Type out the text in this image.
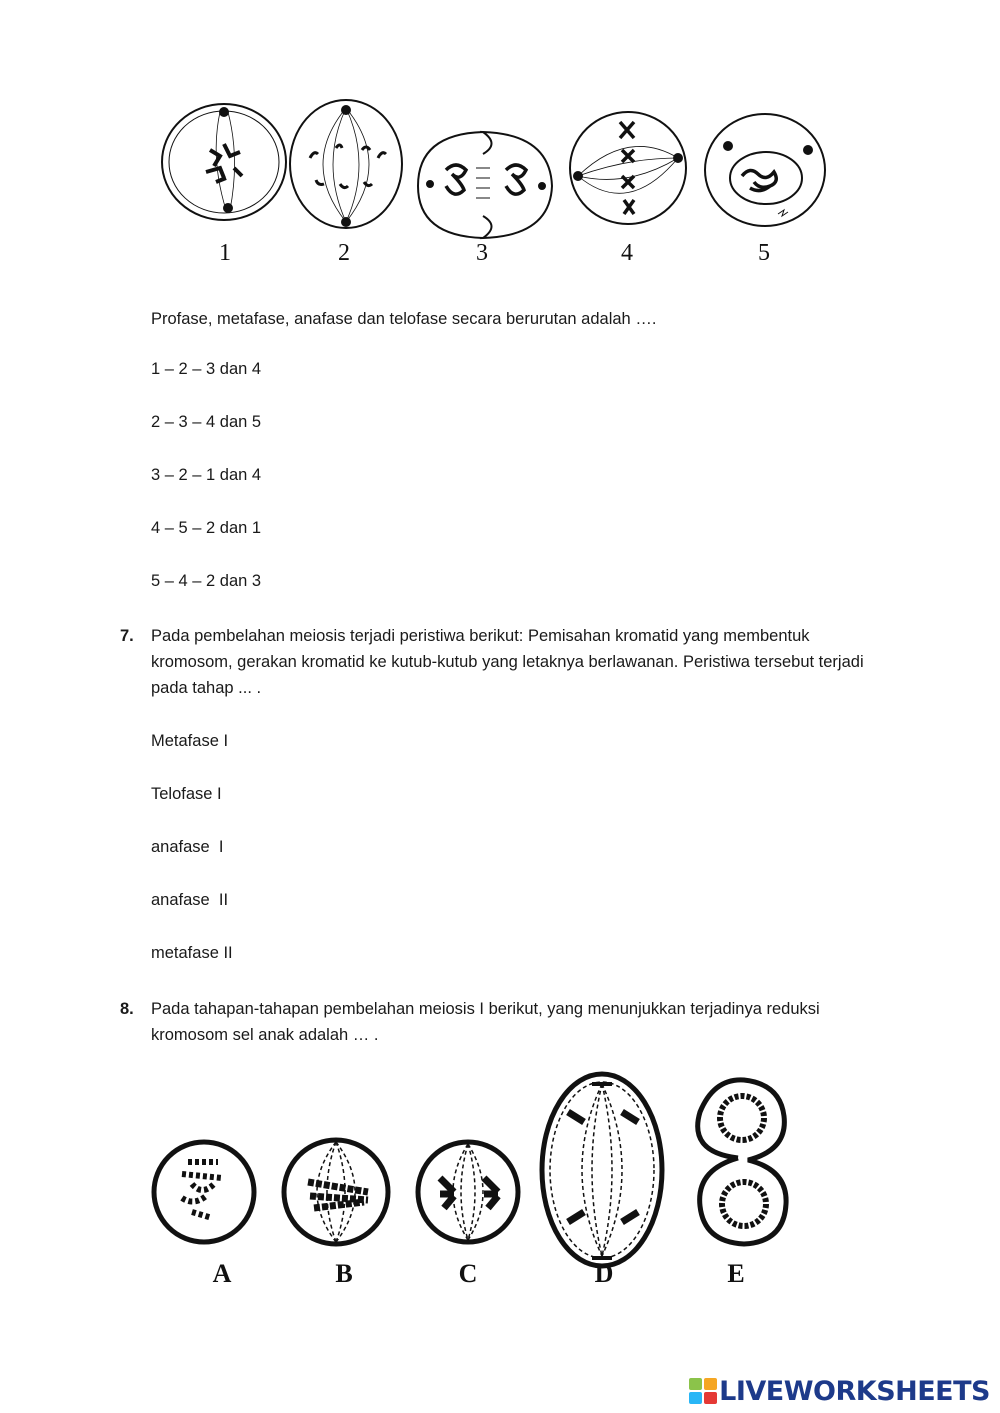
1	2	3	4	5
Profase, metafase, anafase dan telofase secara berurutan adalah ….
1 – 2 – 3 dan 4
2 – 3 – 4 dan 5
3 – 2 – 1 dan 4
4 – 5 – 2 dan 1
5 – 4 – 2 dan 3
7. Pada pembelahan meiosis terjadi peristiwa berikut: Pemisahan kromatid yang membentuk kromosom, gerakan kromatid ke kutub-kutub yang letaknya berlawanan. Peristiwa tersebut terjadi pada tahap ... .
Metafase I
Telofase I
anafase  I
anafase  II
metafase II
8. Pada tahapan-tahapan pembelahan meiosis I berikut, yang menunjukkan terjadinya reduksi kromosom sel anak adalah … .
A	B	C	D	E
LIVEWORKSHEETS
